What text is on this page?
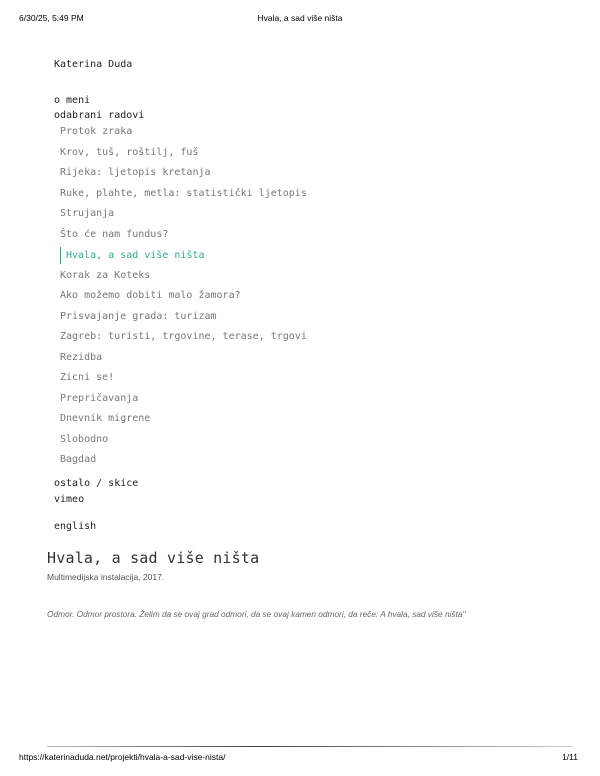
6/30/25, 5:49 PM	Hvala, a sad više ništa
Katerina Duda
o meni
odabrani radovi
Protok zraka
Krov, tuš, roštilj, fuš
Rijeka: ljetopis kretanja
Ruke, plahte, metla: statistički ljetopis
Strujanja
Što će nam fundus?
Hvala, a sad više ništa
Korak za Koteks
Ako možemo dobiti malo žamora?
Prisvajanje grada: turizam
Zagreb: turisti, trgovine, terase, trgovi
Rezidba
Zicni se!
Prepričavanja
Dnevnik migrene
Slobodno
Bagdad
ostalo / skice
vimeo
english
Hvala, a sad više ništa
Multimedijska instalacija, 2017.
Odmor. Odmor prostora. Želim da se ovaj grad odmori, da se ovaj kamen odmori, da reče: A hvala, sad više ništa"
https://katerinaduda.net/projekti/hvala-a-sad-vise-nista/	1/11
